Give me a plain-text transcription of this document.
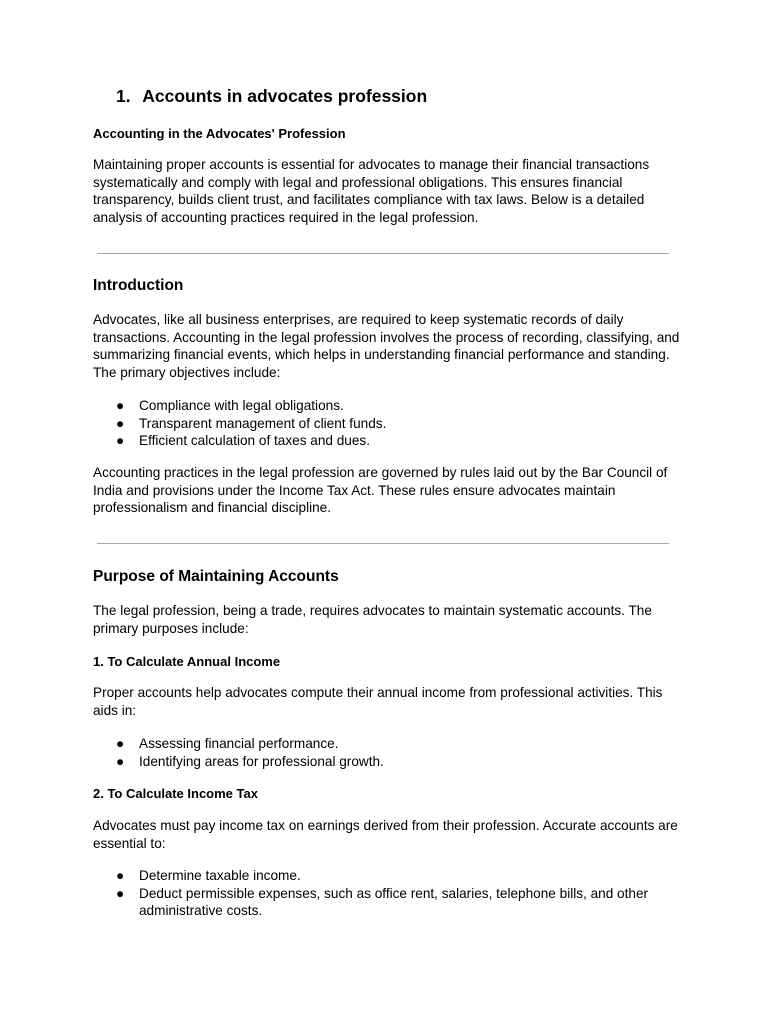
1. Accounts in advocates profession
Accounting in the Advocates' Profession

Maintaining proper accounts is essential for advocates to manage their financial transactions systematically and comply with legal and professional obligations. This ensures financial transparency, builds client trust, and facilitates compliance with tax laws. Below is a detailed analysis of accounting practices required in the legal profession.

Introduction

Advocates, like all business enterprises, are required to keep systematic records of daily transactions. Accounting in the legal profession involves the process of recording, classifying, and summarizing financial events, which helps in understanding financial performance and standing. The primary objectives include:

● Compliance with legal obligations.
● Transparent management of client funds.
● Efficient calculation of taxes and dues.

Accounting practices in the legal profession are governed by rules laid out by the Bar Council of India and provisions under the Income Tax Act. These rules ensure advocates maintain professionalism and financial discipline.

Purpose of Maintaining Accounts

The legal profession, being a trade, requires advocates to maintain systematic accounts. The primary purposes include:

1. To Calculate Annual Income

Proper accounts help advocates compute their annual income from professional activities. This aids in:

● Assessing financial performance.
● Identifying areas for professional growth.
2. To Calculate Income Tax

Advocates must pay income tax on earnings derived from their profession. Accurate accounts are essential to:

● Determine taxable income.
● Deduct permissible expenses, such as office rent, salaries, telephone bills, and other administrative costs.
